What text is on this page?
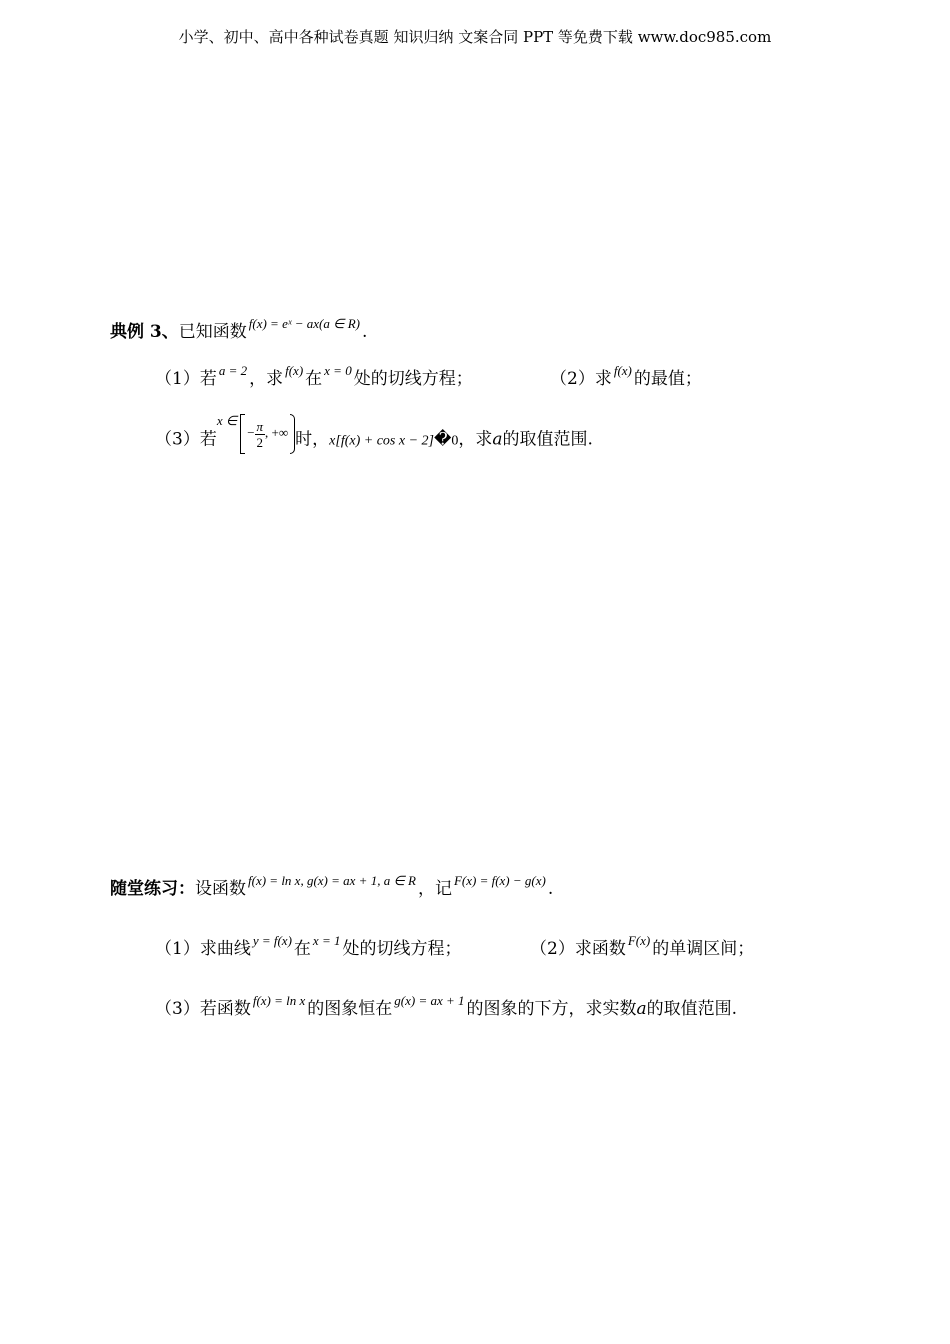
小学、初中、高中各种试卷真题 知识归纳 文案合同 PPT 等免费下载 www.doc985.com
典例 3、已知函数 $^{f(x) = eˣ - ax(a \in R)}$ .
（1）若 $^{a = 2}$ ，求 $^{f(x)}$ 在 $^{x = 0}$ 处的切线方程；	（2）求 $^{f(x)}$ 的最值；
（3）若x ∈− $\frac{\pi}{2}$ , +∞ 时，x[f(x) + cos x − 2]�0，求a的取值范围.
随堂练习：设函数 $^{f(x) = ln x, g(x) = ax + 1, a \in R}$ ，记 $^{F(x) = f(x) - g(x)}$ .
（1）求曲线 $^{y = f(x)}$ 在 $^{x = 1}$ 处的切线方程；	（2）求函数 $^{F(x)}$ 的单调区间；
（3）若函数 $^{f(x) = ln x}$ 的图象恒在 $^{g(x) = ax + 1}$ 的图象的下方，求实数a的取值范围.
